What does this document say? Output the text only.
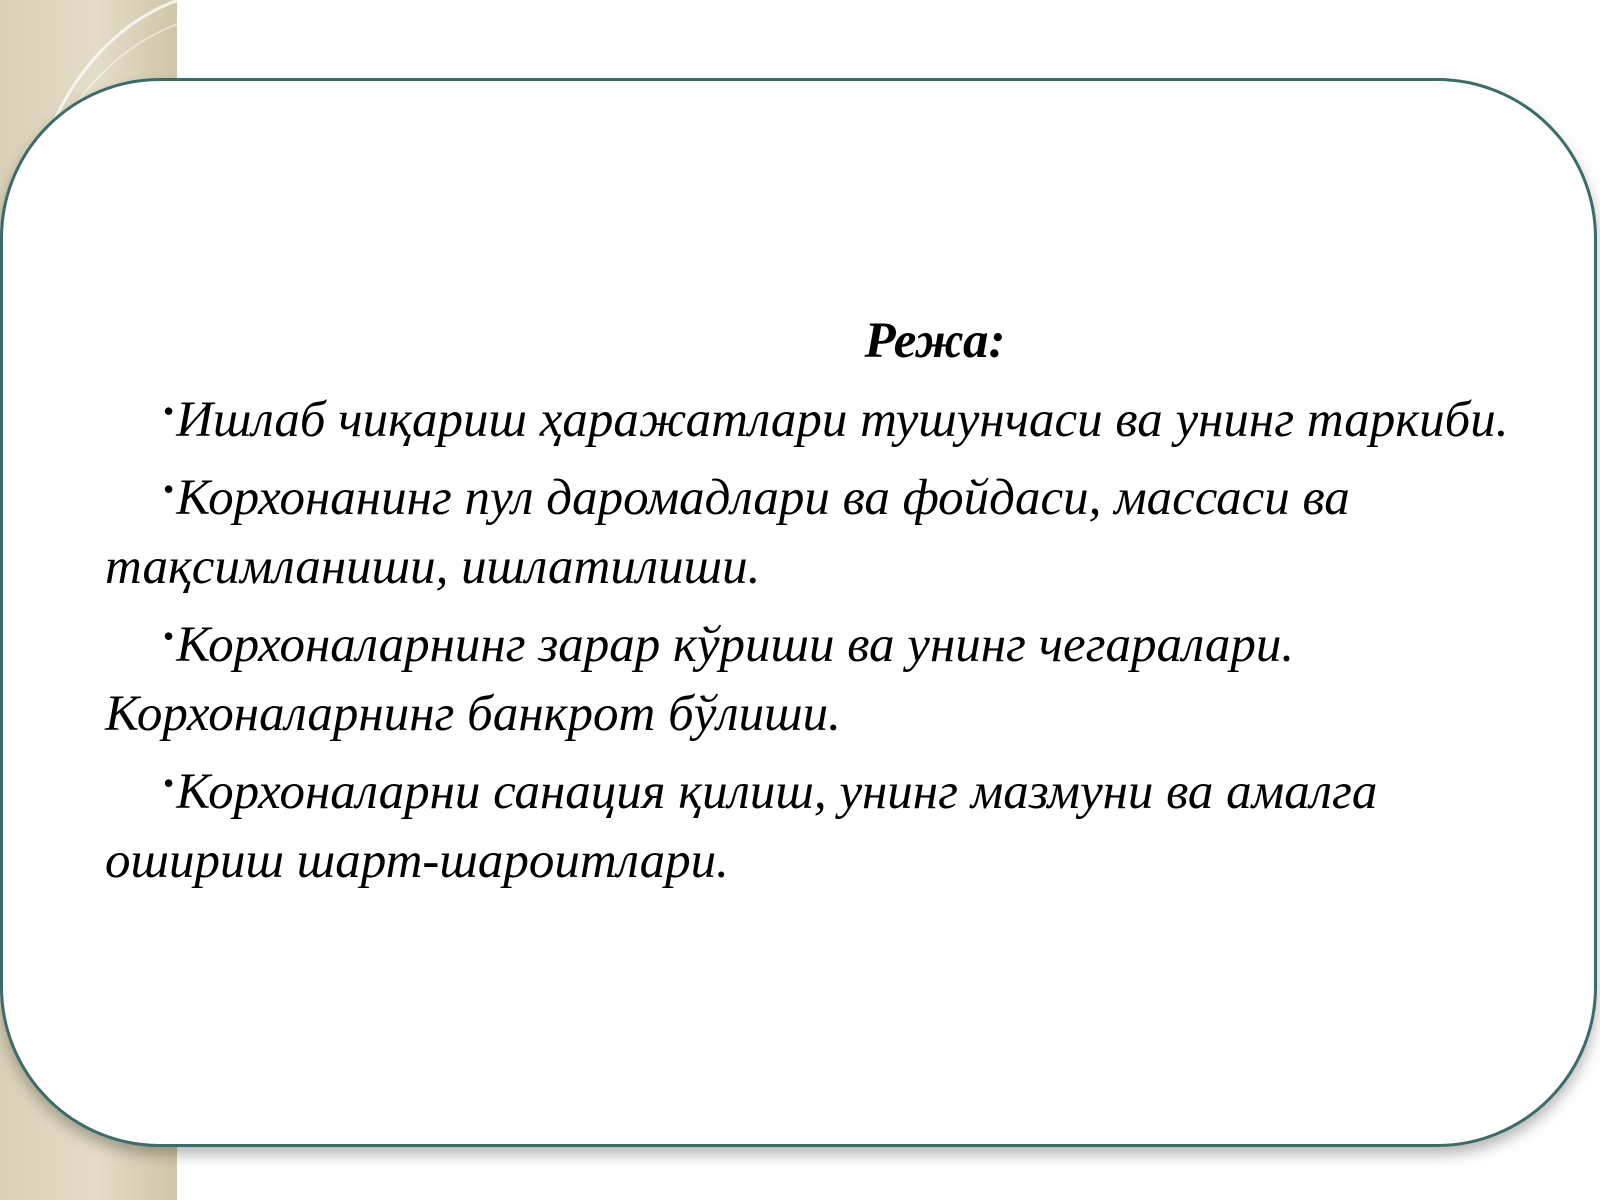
Режа:

•Ишлаб чиқариш ҳаражатлари тушунчаси ва унинг таркиби.

•Корхонанинг пул даромадлари ва фойдаси, массаси ва тақсимланиши, ишлатилиши.

•Корхоналарнинг зарар кўриши ва унинг чегаралари. Корхоналарнинг банкрот бўлиши.

•Корхоналарни санация қилиш, унинг мазмуни ва амалга ошириш шарт-шароитлари.
